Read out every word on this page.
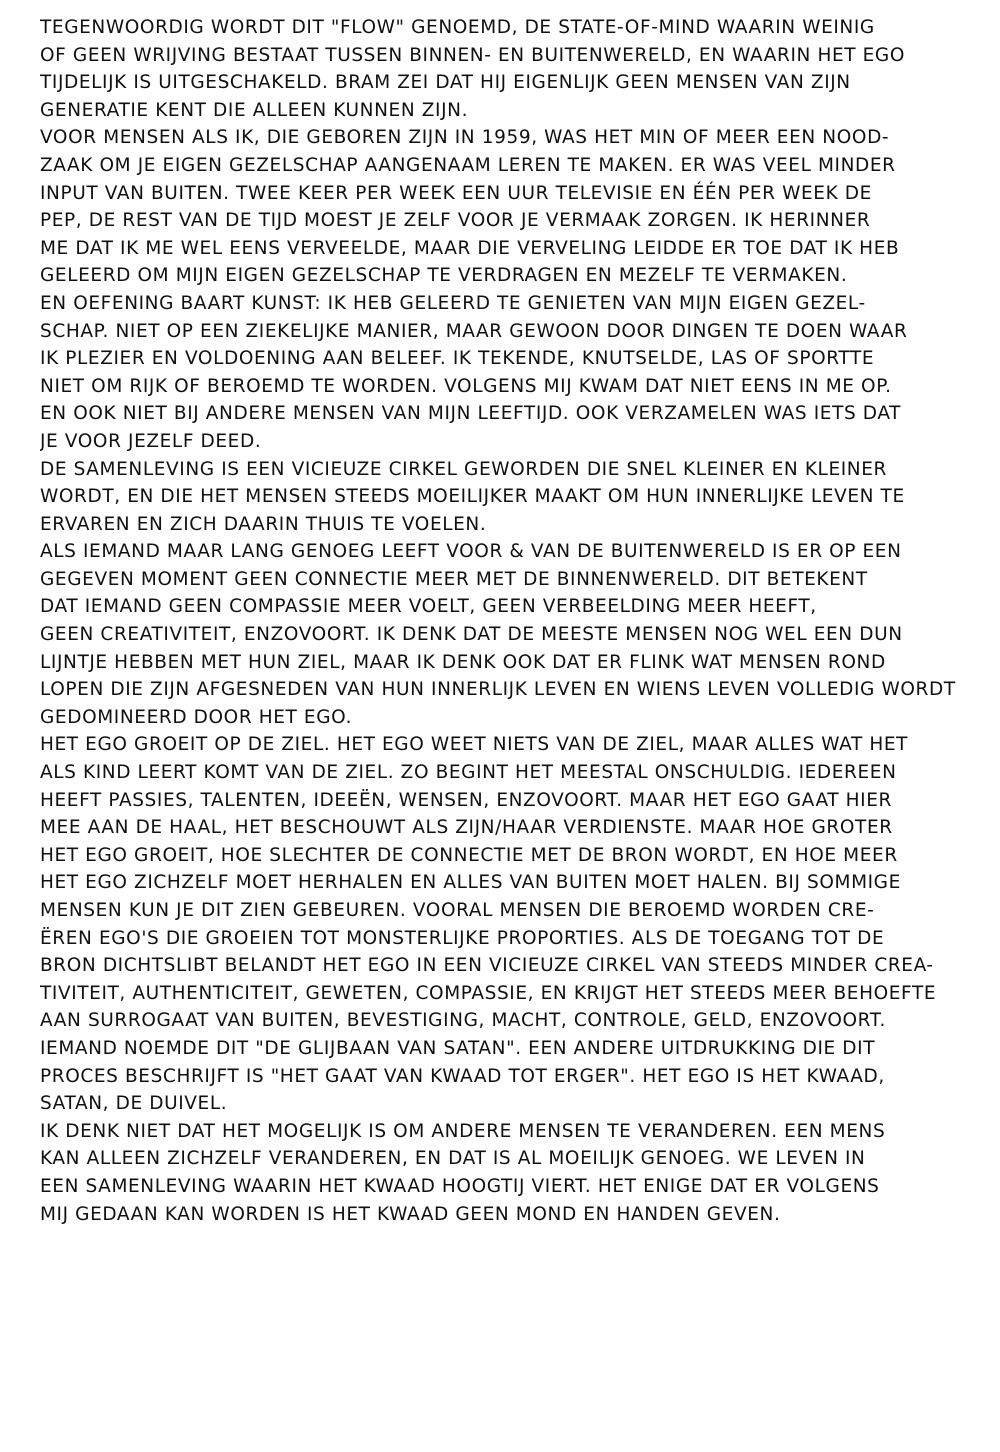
TEGENWOORDIG WORDT DIT "FLOW" GENOEMD, DE STATE-OF-MIND WAARIN WEINIG
OF GEEN WRIJVING BESTAAT TUSSEN BINNEN- EN BUITENWERELD, EN WAARIN HET EGO
TIJDELIJK IS UITGESCHAKELD. BRAM ZEI DAT HIJ EIGENLIJK GEEN MENSEN VAN ZIJN
GENERATIE KENT DIE ALLEEN KUNNEN ZIJN.

VOOR MENSEN ALS IK, DIE GEBOREN ZIJN IN 1959, WAS HET MIN OF MEER EEN NOOD-
ZAAK OM JE EIGEN GEZELSCHAP AANGENAAM LEREN TE MAKEN. ER WAS VEEL MINDER
INPUT VAN BUITEN. TWEE KEER PER WEEK EEN UUR TELEVISIE EN ÉÉN PER WEEK DE
PEP, DE REST VAN DE TIJD MOEST JE ZELF VOOR JE VERMAAK ZORGEN. IK HERINNER
ME DAT IK ME WEL EENS VERVEELDE, MAAR DIE VERVELING LEIDDE ER TOE DAT IK HEB
GELEERD OM MIJN EIGEN GEZELSCHAP TE VERDRAGEN EN MEZELF TE VERMAKEN.

EN OEFENING BAART KUNST: IK HEB GELEERD TE GENIETEN VAN MIJN EIGEN GEZEL-
SCHAP. NIET OP EEN ZIEKELIJKE MANIER, MAAR GEWOON DOOR DINGEN TE DOEN WAAR
IK PLEZIER EN VOLDOENING AAN BELEEF. IK TEKENDE, KNUTSELDE, LAS OF SPORTTE
NIET OM RIJK OF BEROEMD TE WORDEN. VOLGENS MIJ KWAM DAT NIET EENS IN ME OP.
EN OOK NIET BIJ ANDERE MENSEN VAN MIJN LEEFTIJD. OOK VERZAMELEN WAS IETS DAT
JE VOOR JEZELF DEED.

DE SAMENLEVING IS EEN VICIEUZE CIRKEL GEWORDEN DIE SNEL KLEINER EN KLEINER
WORDT, EN DIE HET MENSEN STEEDS MOEILIJKER MAAKT OM HUN INNERLIJKE LEVEN TE
ERVAREN EN ZICH DAARIN THUIS TE VOELEN.

ALS IEMAND MAAR LANG GENOEG LEEFT VOOR & VAN DE BUITENWERELD IS ER OP EEN
GEGEVEN MOMENT GEEN CONNECTIE MEER MET DE BINNENWERELD. DIT BETEKENT
DAT IEMAND GEEN COMPASSIE MEER VOELT, GEEN VERBEELDING MEER HEEFT,
GEEN CREATIVITEIT, ENZOVOORT. IK DENK DAT DE MEESTE MENSEN NOG WEL EEN DUN
LIJNTJE HEBBEN MET HUN ZIEL, MAAR IK DENK OOK DAT ER FLINK WAT MENSEN ROND
LOPEN DIE ZIJN AFGESNEDEN VAN HUN INNERLIJK LEVEN EN WIENS LEVEN VOLLEDIG WORDT
GEDOMINEERD DOOR HET EGO.

HET EGO GROEIT OP DE ZIEL. HET EGO WEET NIETS VAN DE ZIEL, MAAR ALLES WAT HET
ALS KIND LEERT KOMT VAN DE ZIEL. ZO BEGINT HET MEESTAL ONSCHULDIG. IEDEREEN
HEEFT PASSIES, TALENTEN, IDEEËN, WENSEN, ENZOVOORT. MAAR HET EGO GAAT HIER
MEE AAN DE HAAL, HET BESCHOUWT ALS ZIJN/HAAR VERDIENSTE. MAAR HOE GROTER
HET EGO GROEIT, HOE SLECHTER DE CONNECTIE MET DE BRON WORDT, EN HOE MEER
HET EGO ZICHZELF MOET HERHALEN EN ALLES VAN BUITEN MOET HALEN. BIJ SOMMIGE
MENSEN KUN JE DIT ZIEN GEBEUREN. VOORAL MENSEN DIE BEROEMD WORDEN CRE-
ËREN EGO'S DIE GROEIEN TOT MONSTERLIJKE PROPORTIES. ALS DE TOEGANG TOT DE
BRON DICHTSLIBT BELANDT HET EGO IN EEN VICIEUZE CIRKEL VAN STEEDS MINDER CREA-
TIVITEIT, AUTHENTICITEIT, GEWETEN, COMPASSIE, EN KRIJGT HET STEEDS MEER BEHOEFTE
AAN SURROGAAT VAN BUITEN, BEVESTIGING, MACHT, CONTROLE, GELD, ENZOVOORT.
IEMAND NOEMDE DIT "DE GLIJBAAN VAN SATAN". EEN ANDERE UITDRUKKING DIE DIT
PROCES BESCHRIJFT IS "HET GAAT VAN KWAAD TOT ERGER". HET EGO IS HET KWAAD,
SATAN, DE DUIVEL.

IK DENK NIET DAT HET MOGELIJK IS OM ANDERE MENSEN TE VERANDEREN. EEN MENS
KAN ALLEEN ZICHZELF VERANDEREN, EN DAT IS AL MOEILIJK GENOEG. WE LEVEN IN
EEN SAMENLEVING WAARIN HET KWAAD HOOGTIJ VIERT. HET ENIGE DAT ER VOLGENS
MIJ GEDAAN KAN WORDEN IS HET KWAAD GEEN MOND EN HANDEN GEVEN.
